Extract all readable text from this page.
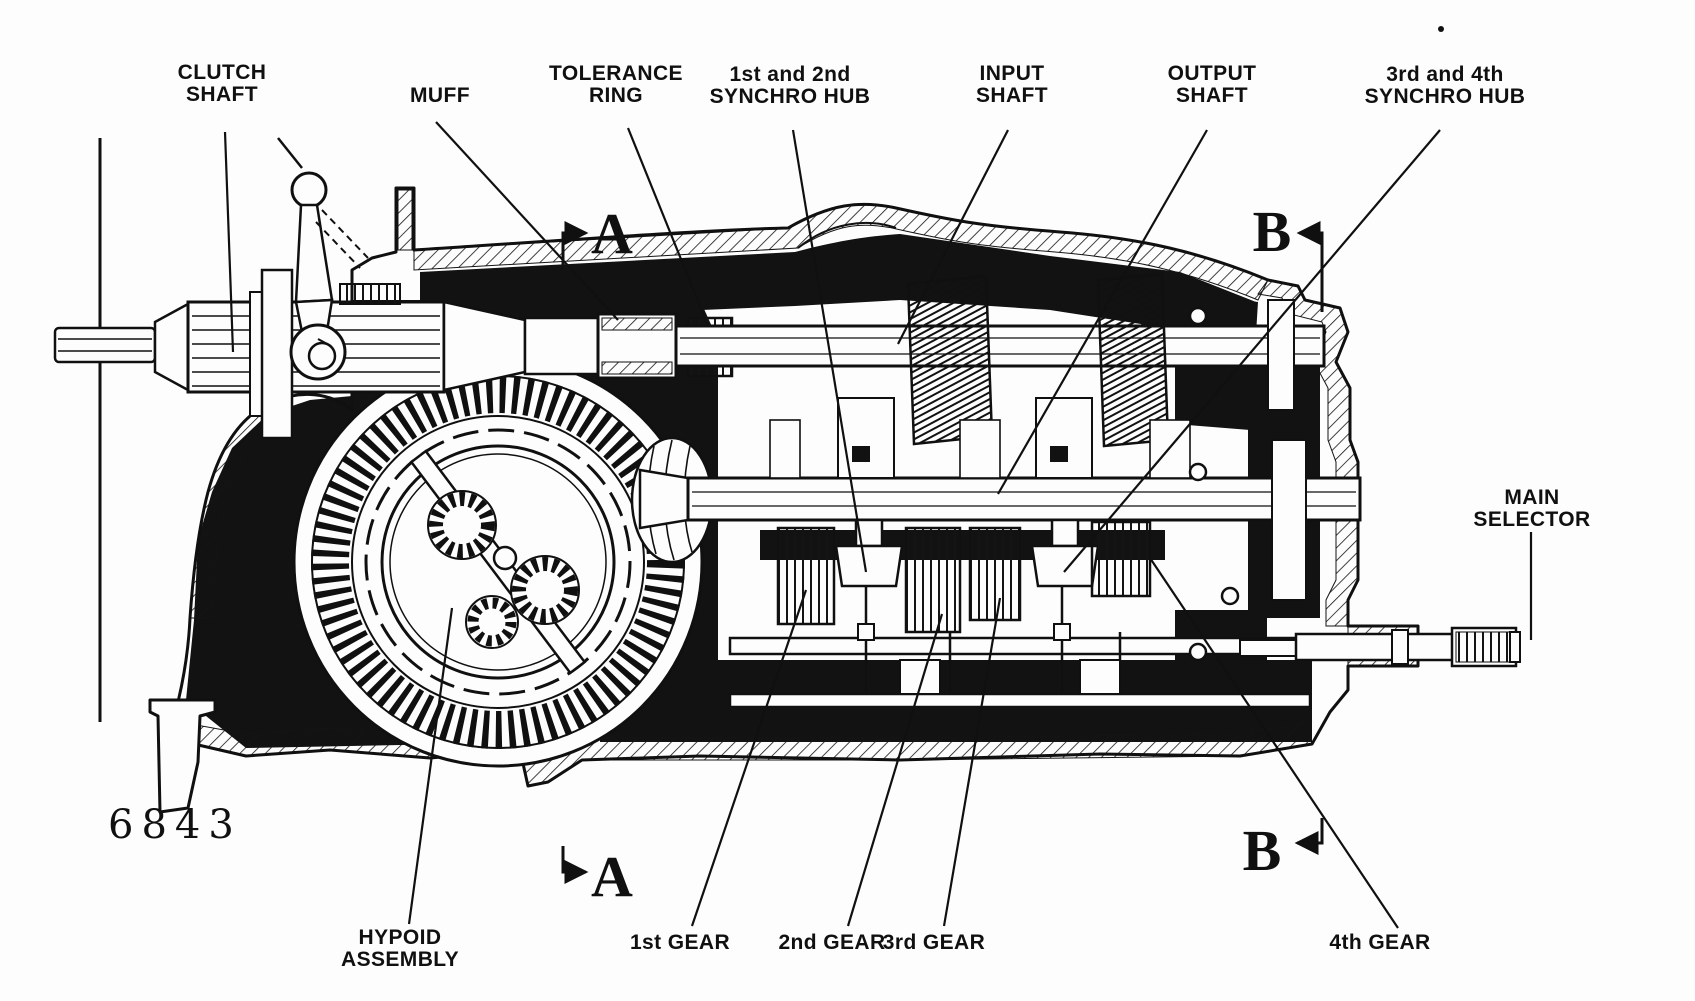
A	B
A	B
CLUTCH
SHAFT	MUFF
TOLERANCE
RING
1st and 2nd
SYNCHRO HUB
INPUT
SHAFT
OUTPUT
SHAFT
3rd and 4th
SYNCHRO HUB
MAIN
SELECTOR
HYPOID
ASSEMBLY
1st GEAR 2nd GEAR
3rd GEAR	4th GEAR
6843
